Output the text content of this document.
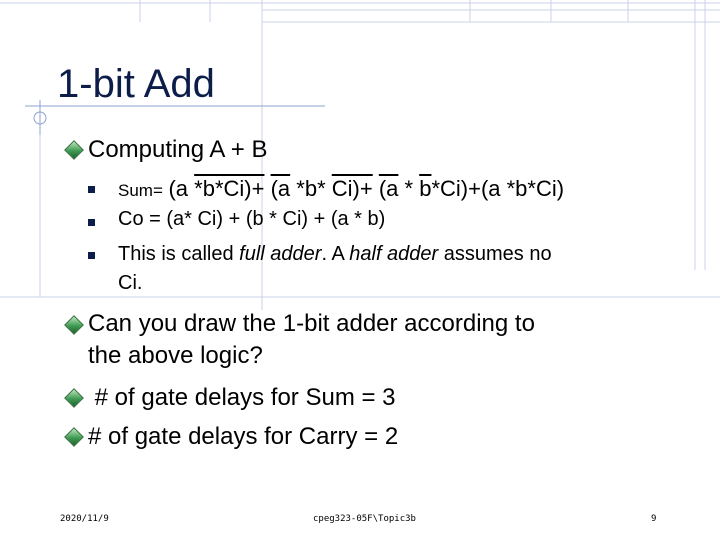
1-bit Add
Computing A + B
Sum= (a *b*Ci)+ (a *b* $Ci)+ (a * \overline{b}*Ci)+(a$ *b*Ci)
Co = (a* Ci) + (b * Ci) + (a * b)
This is called full adder. A half adder assumes no
Ci.
Can you draw the 1-bit adder according to
the above logic?
# of gate delays for Sum = 3
# of gate delays for Carry = 2
2020/11/9	cpeg323-05F\Topic3b	9
